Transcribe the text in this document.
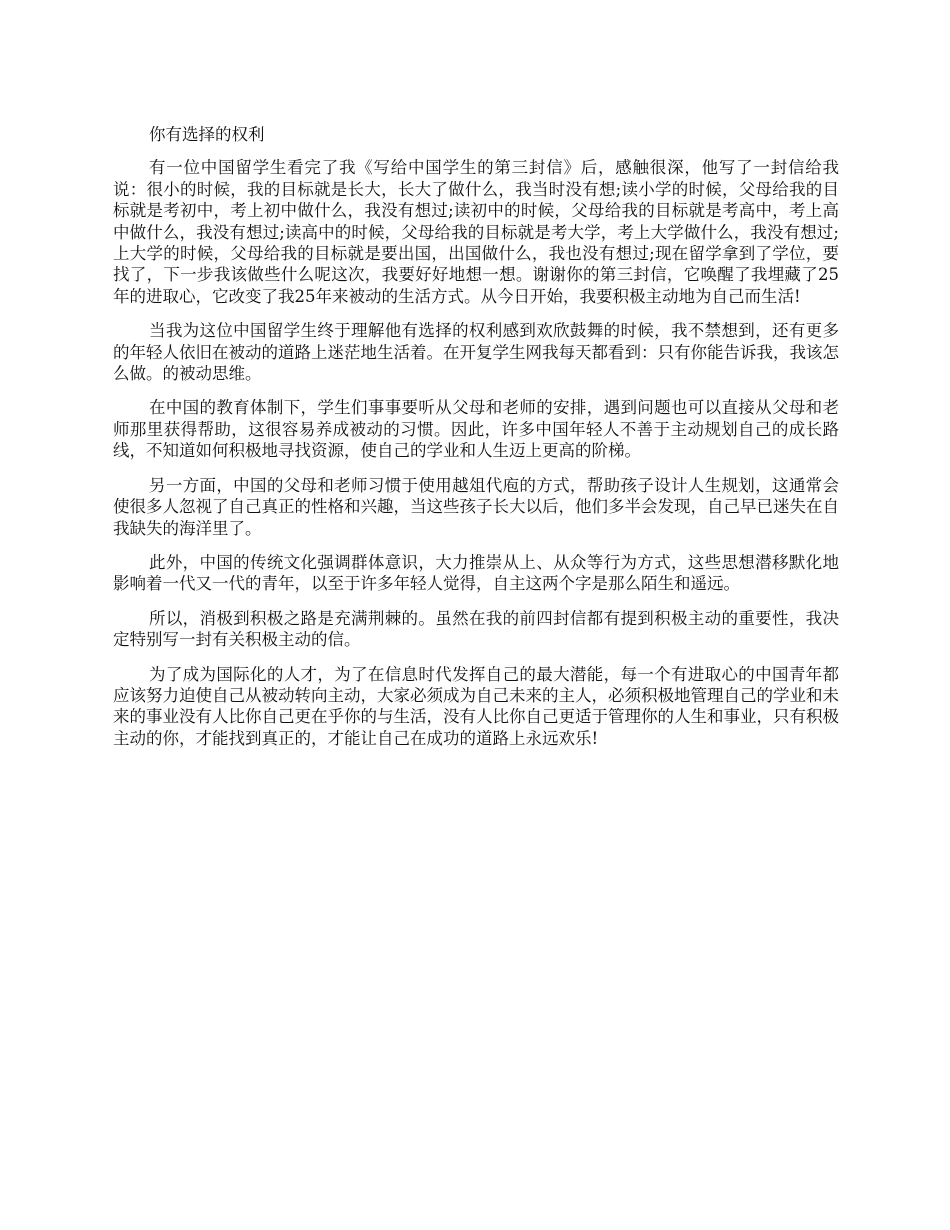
你有选择的权利

有一位中国留学生看完了我《写给中国学生的第三封信》后，感触很深，他写了一封信给我说：很小的时候，我的目标就是长大，长大了做什么，我当时没有想;读小学的时候，父母给我的目标就是考初中，考上初中做什么，我没有想过;读初中的时候，父母给我的目标就是考高中，考上高中做什么，我没有想过;读高中的时候，父母给我的目标就是考大学，考上大学做什么，我没有想过;上大学的时候，父母给我的目标就是要出国，出国做什么，我也没有想过;现在留学拿到了学位，要找了，下一步我该做些什么呢这次，我要好好地想一想。谢谢你的第三封信，它唤醒了我埋藏了25年的进取心，它改变了我25年来被动的生活方式。从今日开始，我要积极主动地为自己而生活!

当我为这位中国留学生终于理解他有选择的权利感到欢欣鼓舞的时候，我不禁想到，还有更多的年轻人依旧在被动的道路上迷茫地生活着。在开复学生网我每天都看到：只有你能告诉我，我该怎么做。的被动思维。

在中国的教育体制下，学生们事事要听从父母和老师的安排，遇到问题也可以直接从父母和老师那里获得帮助，这很容易养成被动的习惯。因此，许多中国年轻人不善于主动规划自己的成长路线，不知道如何积极地寻找资源，使自己的学业和人生迈上更高的阶梯。

另一方面，中国的父母和老师习惯于使用越俎代庖的方式，帮助孩子设计人生规划，这通常会使很多人忽视了自己真正的性格和兴趣，当这些孩子长大以后，他们多半会发现，自己早已迷失在自我缺失的海洋里了。

此外，中国的传统文化强调群体意识，大力推崇从上、从众等行为方式，这些思想潜移默化地影响着一代又一代的青年，以至于许多年轻人觉得，自主这两个字是那么陌生和遥远。

所以，消极到积极之路是充满荆棘的。虽然在我的前四封信都有提到积极主动的重要性，我决定特别写一封有关积极主动的信。

为了成为国际化的人才，为了在信息时代发挥自己的最大潜能，每一个有进取心的中国青年都应该努力迫使自己从被动转向主动，大家必须成为自己未来的主人，必须积极地管理自己的学业和未来的事业没有人比你自己更在乎你的与生活，没有人比你自己更适于管理你的人生和事业，只有积极主动的你，才能找到真正的，才能让自己在成功的道路上永远欢乐!
